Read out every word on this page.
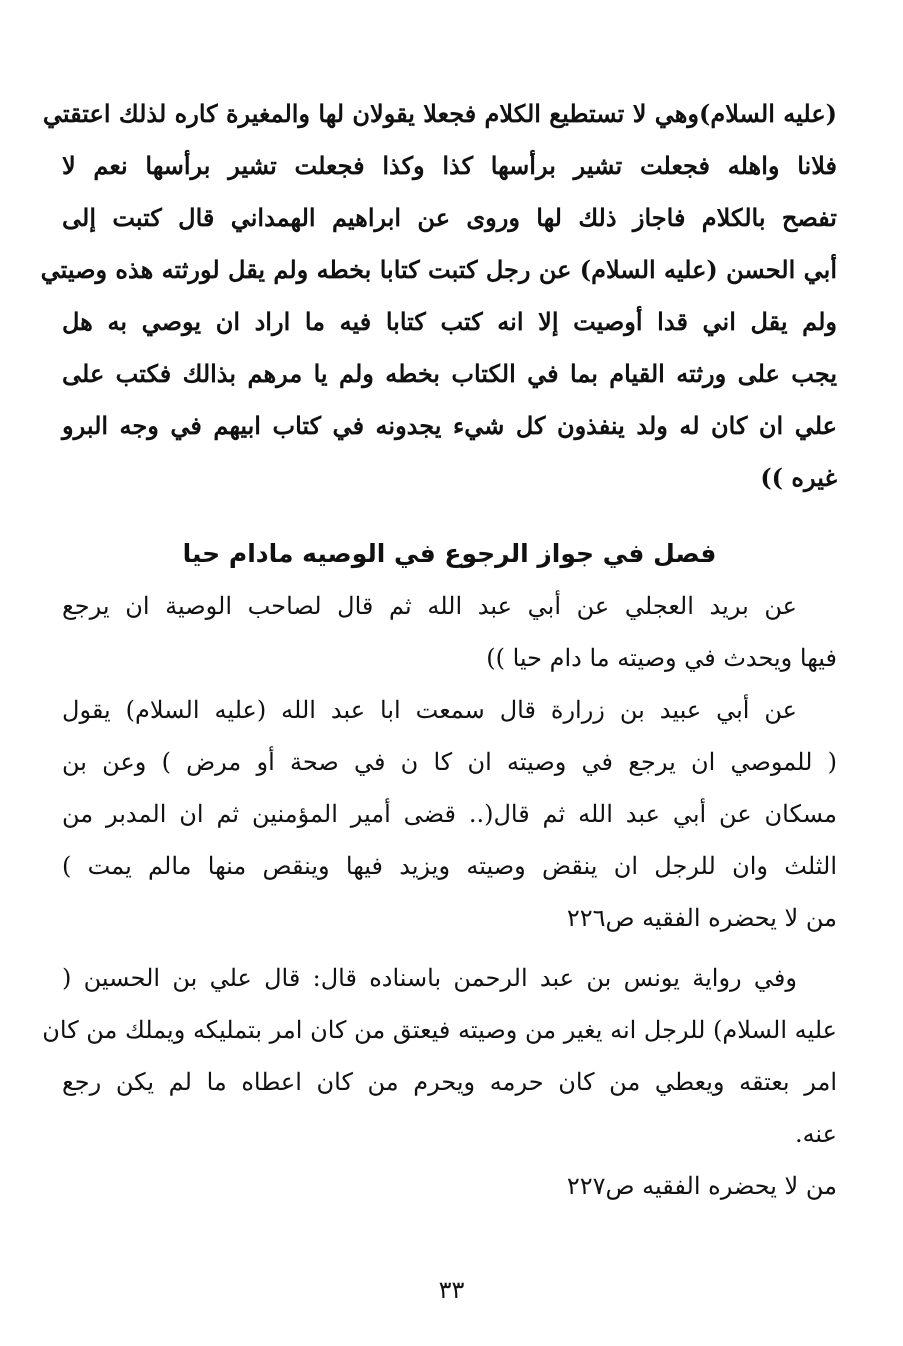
(عليه السلام)وهي لا تستطيع الكلام فجعلا يقولان لها والمغيرة كاره لذلك اعتقتي
فلانا واهله فجعلت تشير برأسها كذا وكذا فجعلت تشير برأسها نعم لا
تفصح بالكلام فاجاز ذلك لها وروى عن ابراهيم الهمداني قال كتبت إلى
أبي الحسن (عليه السلام) عن رجل كتبت كتابا بخطه ولم يقل لورثته هذه وصيتي
ولم يقل اني قدا أوصيت إلا انه كتب كتابا فيه ما اراد ان يوصي به هل
يجب على ورثته القيام بما في الكتاب بخطه ولم يا مرهم بذالك فكتب على
علي ان كان له ولد ينفذون كل شيء يجدونه في كتاب ابيهم في وجه البرو
غيره ))
فصل في جواز الرجوع في الوصيه مادام حيا
عن بريد العجلي عن أبي عبد الله ثم قال لصاحب الوصية ان يرجع
فيها ويحدث في وصيته ما دام حيا ))
عن أبي عبيد بن زرارة قال سمعت ابا عبد الله (عليه السلام) يقول
( للموصي ان يرجع في وصيته ان كا ن في صحة أو مرض ) وعن بن
مسكان عن أبي عبد الله ثم قال(.. قضى أمير المؤمنين ثم ان المدبر من
الثلث وان للرجل ان ينقض وصيته ويزيد فيها وينقص منها مالم يمت )
من لا يحضره الفقيه ص٢٢٦
وفي رواية يونس بن عبد الرحمن باسناده قال: قال علي بن الحسين (
عليه السلام) للرجل انه يغير من وصيته فيعتق من كان امر بتمليكه ويملك من كان
امر بعتقه ويعطي من كان حرمه ويحرم من كان اعطاه ما لم يكن رجع
عنه.
من لا يحضره الفقيه ص٢٢٧
٣٣
